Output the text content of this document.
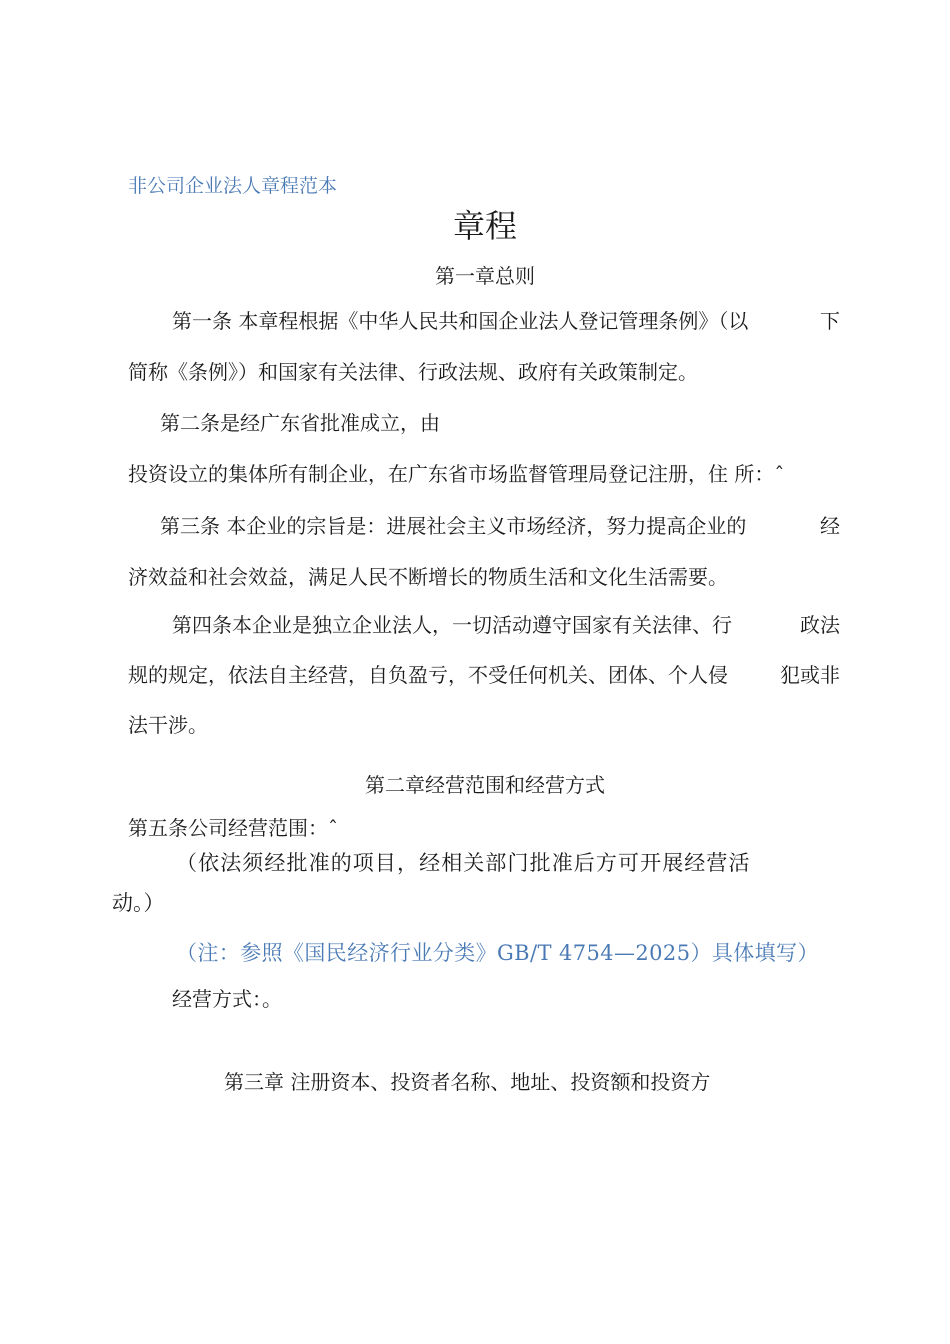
非公司企业法人章程范本
章程
第一章总则
第一条 本章程根据《中华人民共和国企业法人登记管理条例》（以	下
简称《条例》）和国家有关法律、行政法规、政府有关政策制定。
第二条是经广东省批准成立，由
投资设立的集体所有制企业，在广东省市场监督管理局登记注册，住 所：ˆ
第三条 本企业的宗旨是：进展社会主义市场经济，努力提高企业的	经
济效益和社会效益，满足人民不断增长的物质生活和文化生活需要。
第四条本企业是独立企业法人，一切活动遵守国家有关法律、行	政法
规的规定，依法自主经营，自负盈亏，不受任何机关、团体、个人侵	犯或非
法干涉。
第二章经营范围和经营方式
第五条公司经营范围：ˆ
（依法须经批准的项目，经相关部门批准后方可开展经营活
动。）
（注：参照《国民经济行业分类》GB/T 4754—2025）具体填写）
经营方式：。
第三章 注册资本、投资者名称、地址、投资额和投资方
